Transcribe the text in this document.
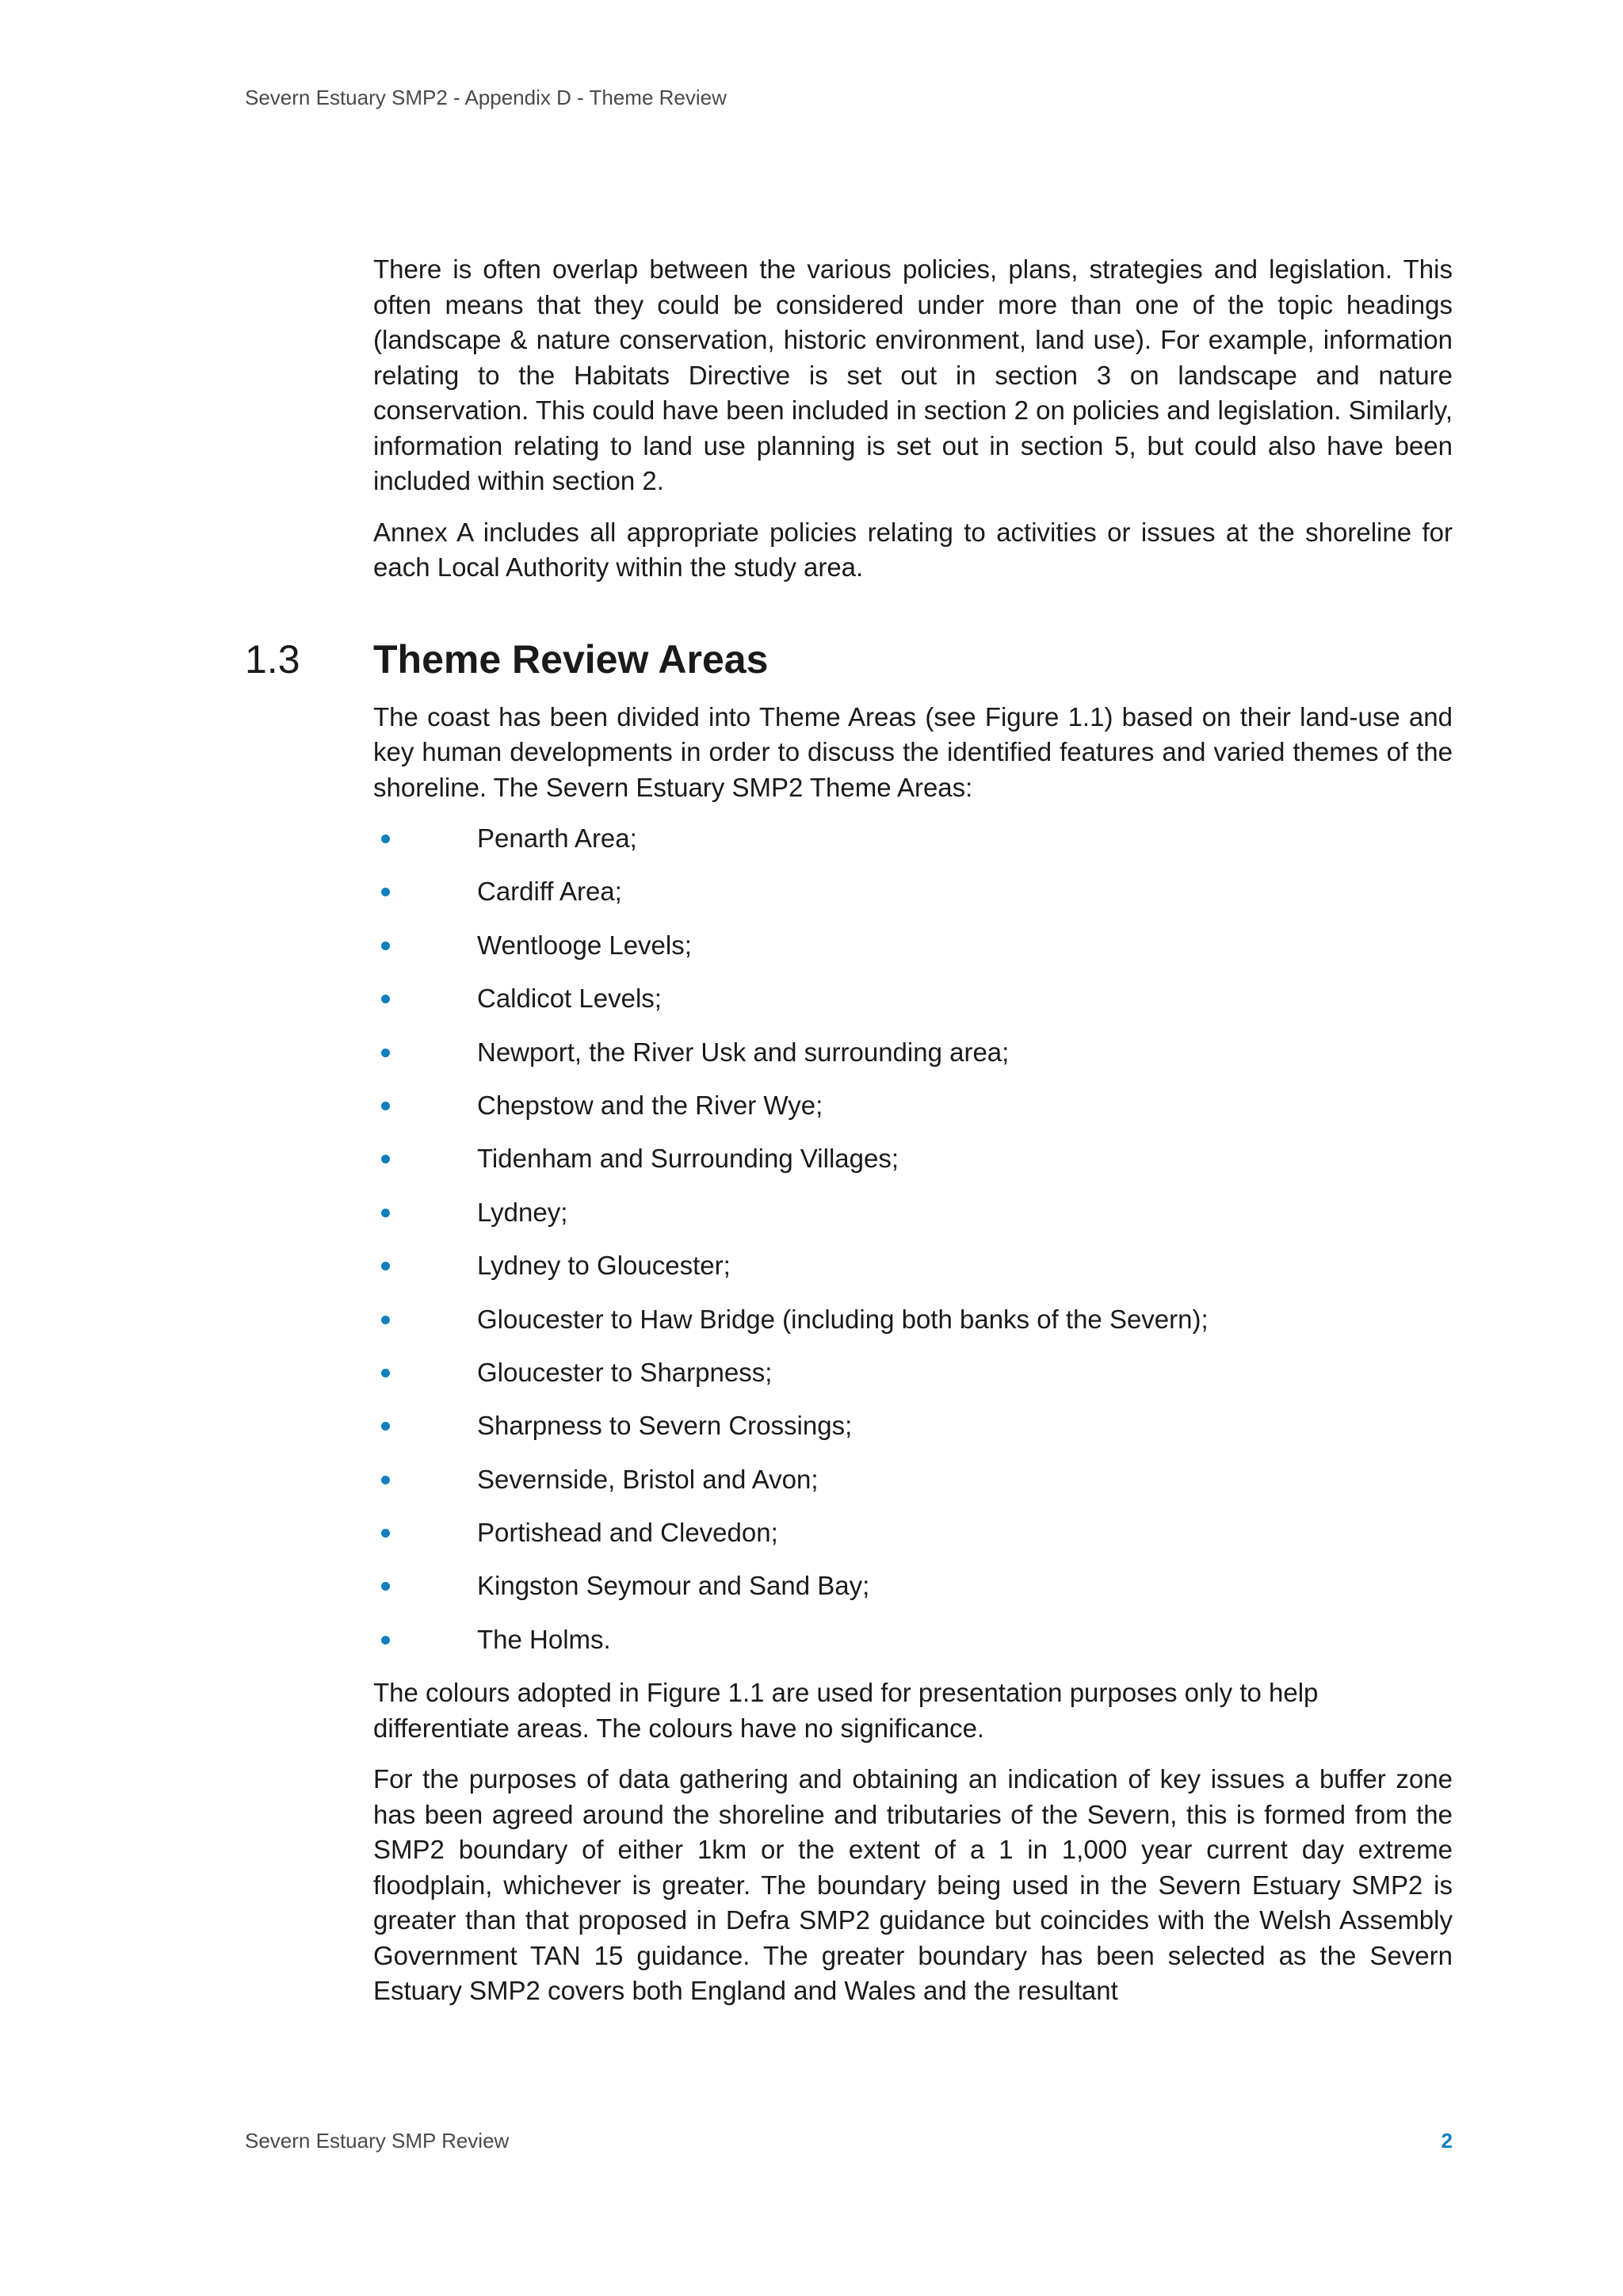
Severn Estuary SMP2 - Appendix D - Theme Review

There is often overlap between the various policies, plans, strategies and legislation. This often means that they could be considered under more than one of the topic headings (landscape & nature conservation, historic environment, land use). For example, information relating to the Habitats Directive is set out in section 3 on landscape and nature conservation. This could have been included in section 2 on policies and legislation. Similarly, information relating to land use planning is set out in section 5, but could also have been included within section 2.

Annex A includes all appropriate policies relating to activities or issues at the shoreline for each Local Authority within the study area.

1.3 Theme Review Areas

The coast has been divided into Theme Areas (see Figure 1.1) based on their land-use and key human developments in order to discuss the identified features and varied themes of the shoreline. The Severn Estuary SMP2 Theme Areas:

Penarth Area;
Cardiff Area;
Wentlooge Levels;
Caldicot Levels;
Newport, the River Usk and surrounding area;
Chepstow and the River Wye;
Tidenham and Surrounding Villages;
Lydney;
Lydney to Gloucester;
Gloucester to Haw Bridge (including both banks of the Severn);
Gloucester to Sharpness;
Sharpness to Severn Crossings;
Severnside, Bristol and Avon;
Portishead and Clevedon;
Kingston Seymour and Sand Bay;
The Holms.

The colours adopted in Figure 1.1 are used for presentation purposes only to help differentiate areas. The colours have no significance.

For the purposes of data gathering and obtaining an indication of key issues a buffer zone has been agreed around the shoreline and tributaries of the Severn, this is formed from the SMP2 boundary of either 1km or the extent of a 1 in 1,000 year current day extreme floodplain, whichever is greater. The boundary being used in the Severn Estuary SMP2 is greater than that proposed in Defra SMP2 guidance but coincides with the Welsh Assembly Government TAN 15 guidance. The greater boundary has been selected as the Severn Estuary SMP2 covers both England and Wales and the resultant

Severn Estuary SMP Review	2
